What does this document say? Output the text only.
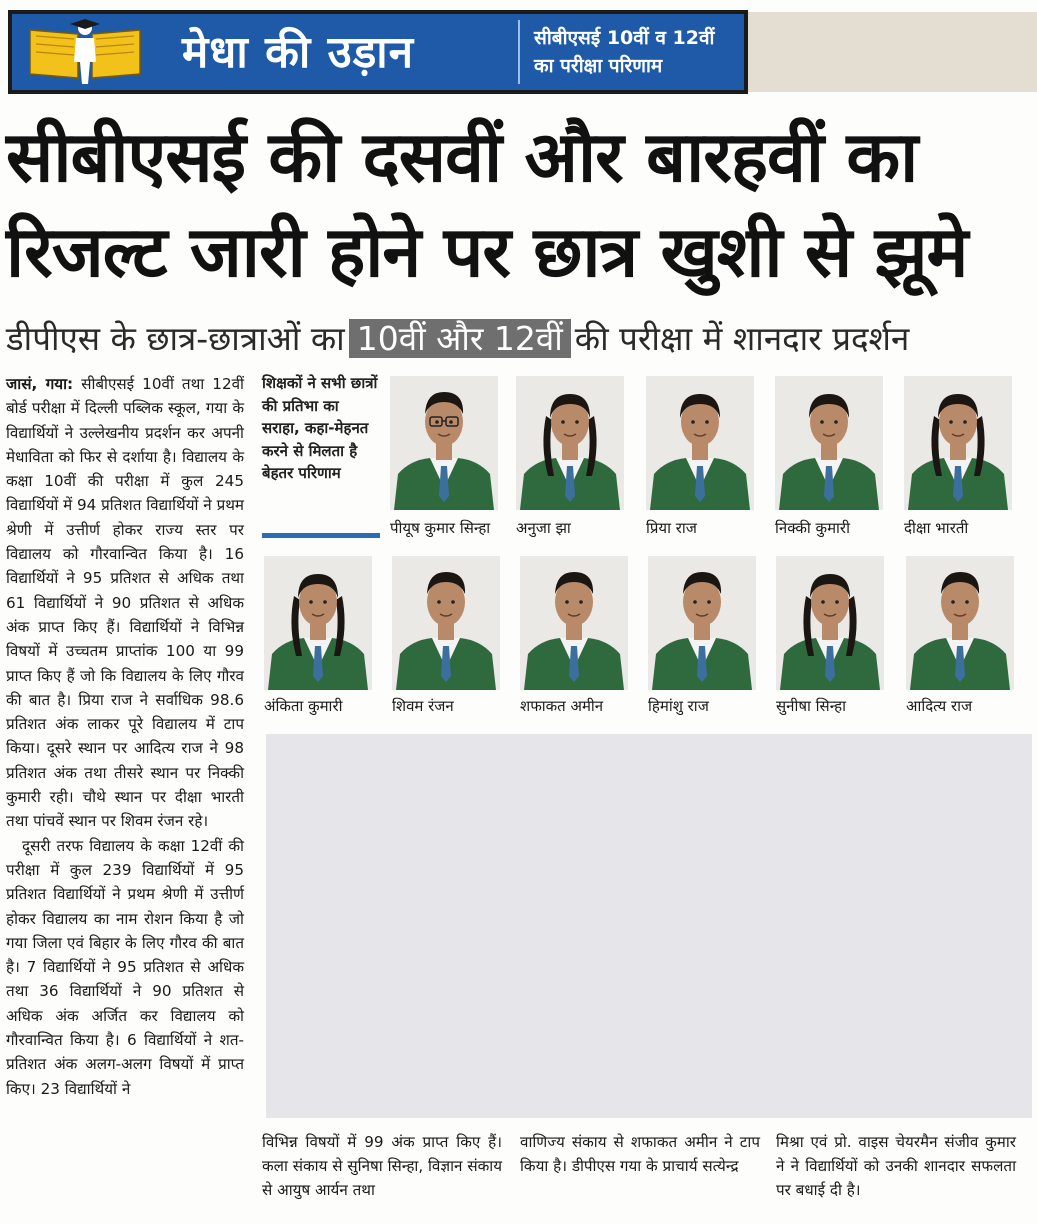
मेधा की उड़ान	सीबीएसई 10वीं व 12वीं का परीक्षा परिणाम
सीबीएसई की दसवीं और बारहवीं का रिजल्ट जारी होने पर छात्र खुशी से झूमे
डीपीएस के छात्र-छात्राओं का 10वीं और 12वीं की परीक्षा में शानदार प्रदर्शन

जासं, गया: सीबीएसई 10वीं तथा 12वीं बोर्ड परीक्षा में दिल्ली पब्लिक स्कूल, गया के विद्यार्थियों ने उल्लेखनीय प्रदर्शन कर अपनी मेधाविता को फिर से दर्शाया है। विद्यालय के कक्षा 10वीं की परीक्षा में कुल 245 विद्यार्थियों में 94 प्रतिशत विद्यार्थियों ने प्रथम श्रेणी में उत्तीर्ण होकर राज्य स्तर पर विद्यालय को गौरवान्वित किया है। 16 विद्यार्थियों ने 95 प्रतिशत से अधिक तथा 61 विद्यार्थियों ने 90 प्रतिशत से अधिक अंक प्राप्त किए हैं। विद्यार्थियों ने विभिन्न विषयों में उच्चतम प्राप्तांक 100 या 99 प्राप्त किए हैं जो कि विद्यालय के लिए गौरव की बात है। प्रिया राज ने सर्वाधिक 98.6 प्रतिशत अंक लाकर पूरे विद्यालय में टाप किया। दूसरे स्थान पर आदित्य राज ने 98 प्रतिशत अंक तथा तीसरे स्थान पर निक्की कुमारी रही। चौथे स्थान पर दीक्षा भारती तथा पांचवें स्थान पर शिवम रंजन रहे।

दूसरी तरफ विद्यालय के कक्षा 12वीं की परीक्षा में कुल 239 विद्यार्थियों में 95 प्रतिशत विद्यार्थियों ने प्रथम श्रेणी में उत्तीर्ण होकर विद्यालय का नाम रोशन किया है जो गया जिला एवं बिहार के लिए गौरव की बात है। 7 विद्यार्थियों ने 95 प्रतिशत से अधिक तथा 36 विद्यार्थियों ने 90 प्रतिशत से अधिक अंक अर्जित कर विद्यालय को गौरवान्वित किया है। 6 विद्यार्थियों ने शत-प्रतिशत अंक अलग-अलग विषयों में प्राप्त किए। 23 विद्यार्थियों ने

शिक्षकों ने सभी छात्रों की प्रतिभा का सराहा, कहा-मेहनत करने से मिलता है बेहतर परिणाम
पीयूष कुमार सिन्हा	अनुजा झा	प्रिया राज	निक्की कुमारी	दीक्षा भारती
अंकिता कुमारी	शिवम रंजन	शफाकत अमीन	हिमांशु राज	सुनीषा सिन्हा	आदित्य राज
विभिन्न विषयों में 99 अंक प्राप्त किए हैं। कला संकाय से सुनिषा सिन्हा, विज्ञान संकाय से आयुष आर्यन तथा
वाणिज्य संकाय से शफाकत अमीन ने टाप किया है। डीपीएस गया के प्राचार्य सत्येन्द्र
मिश्रा एवं प्रो. वाइस चेयरमैन संजीव कुमार ने ने विद्यार्थियों को उनकी शानदार सफलता पर बधाई दी है।
